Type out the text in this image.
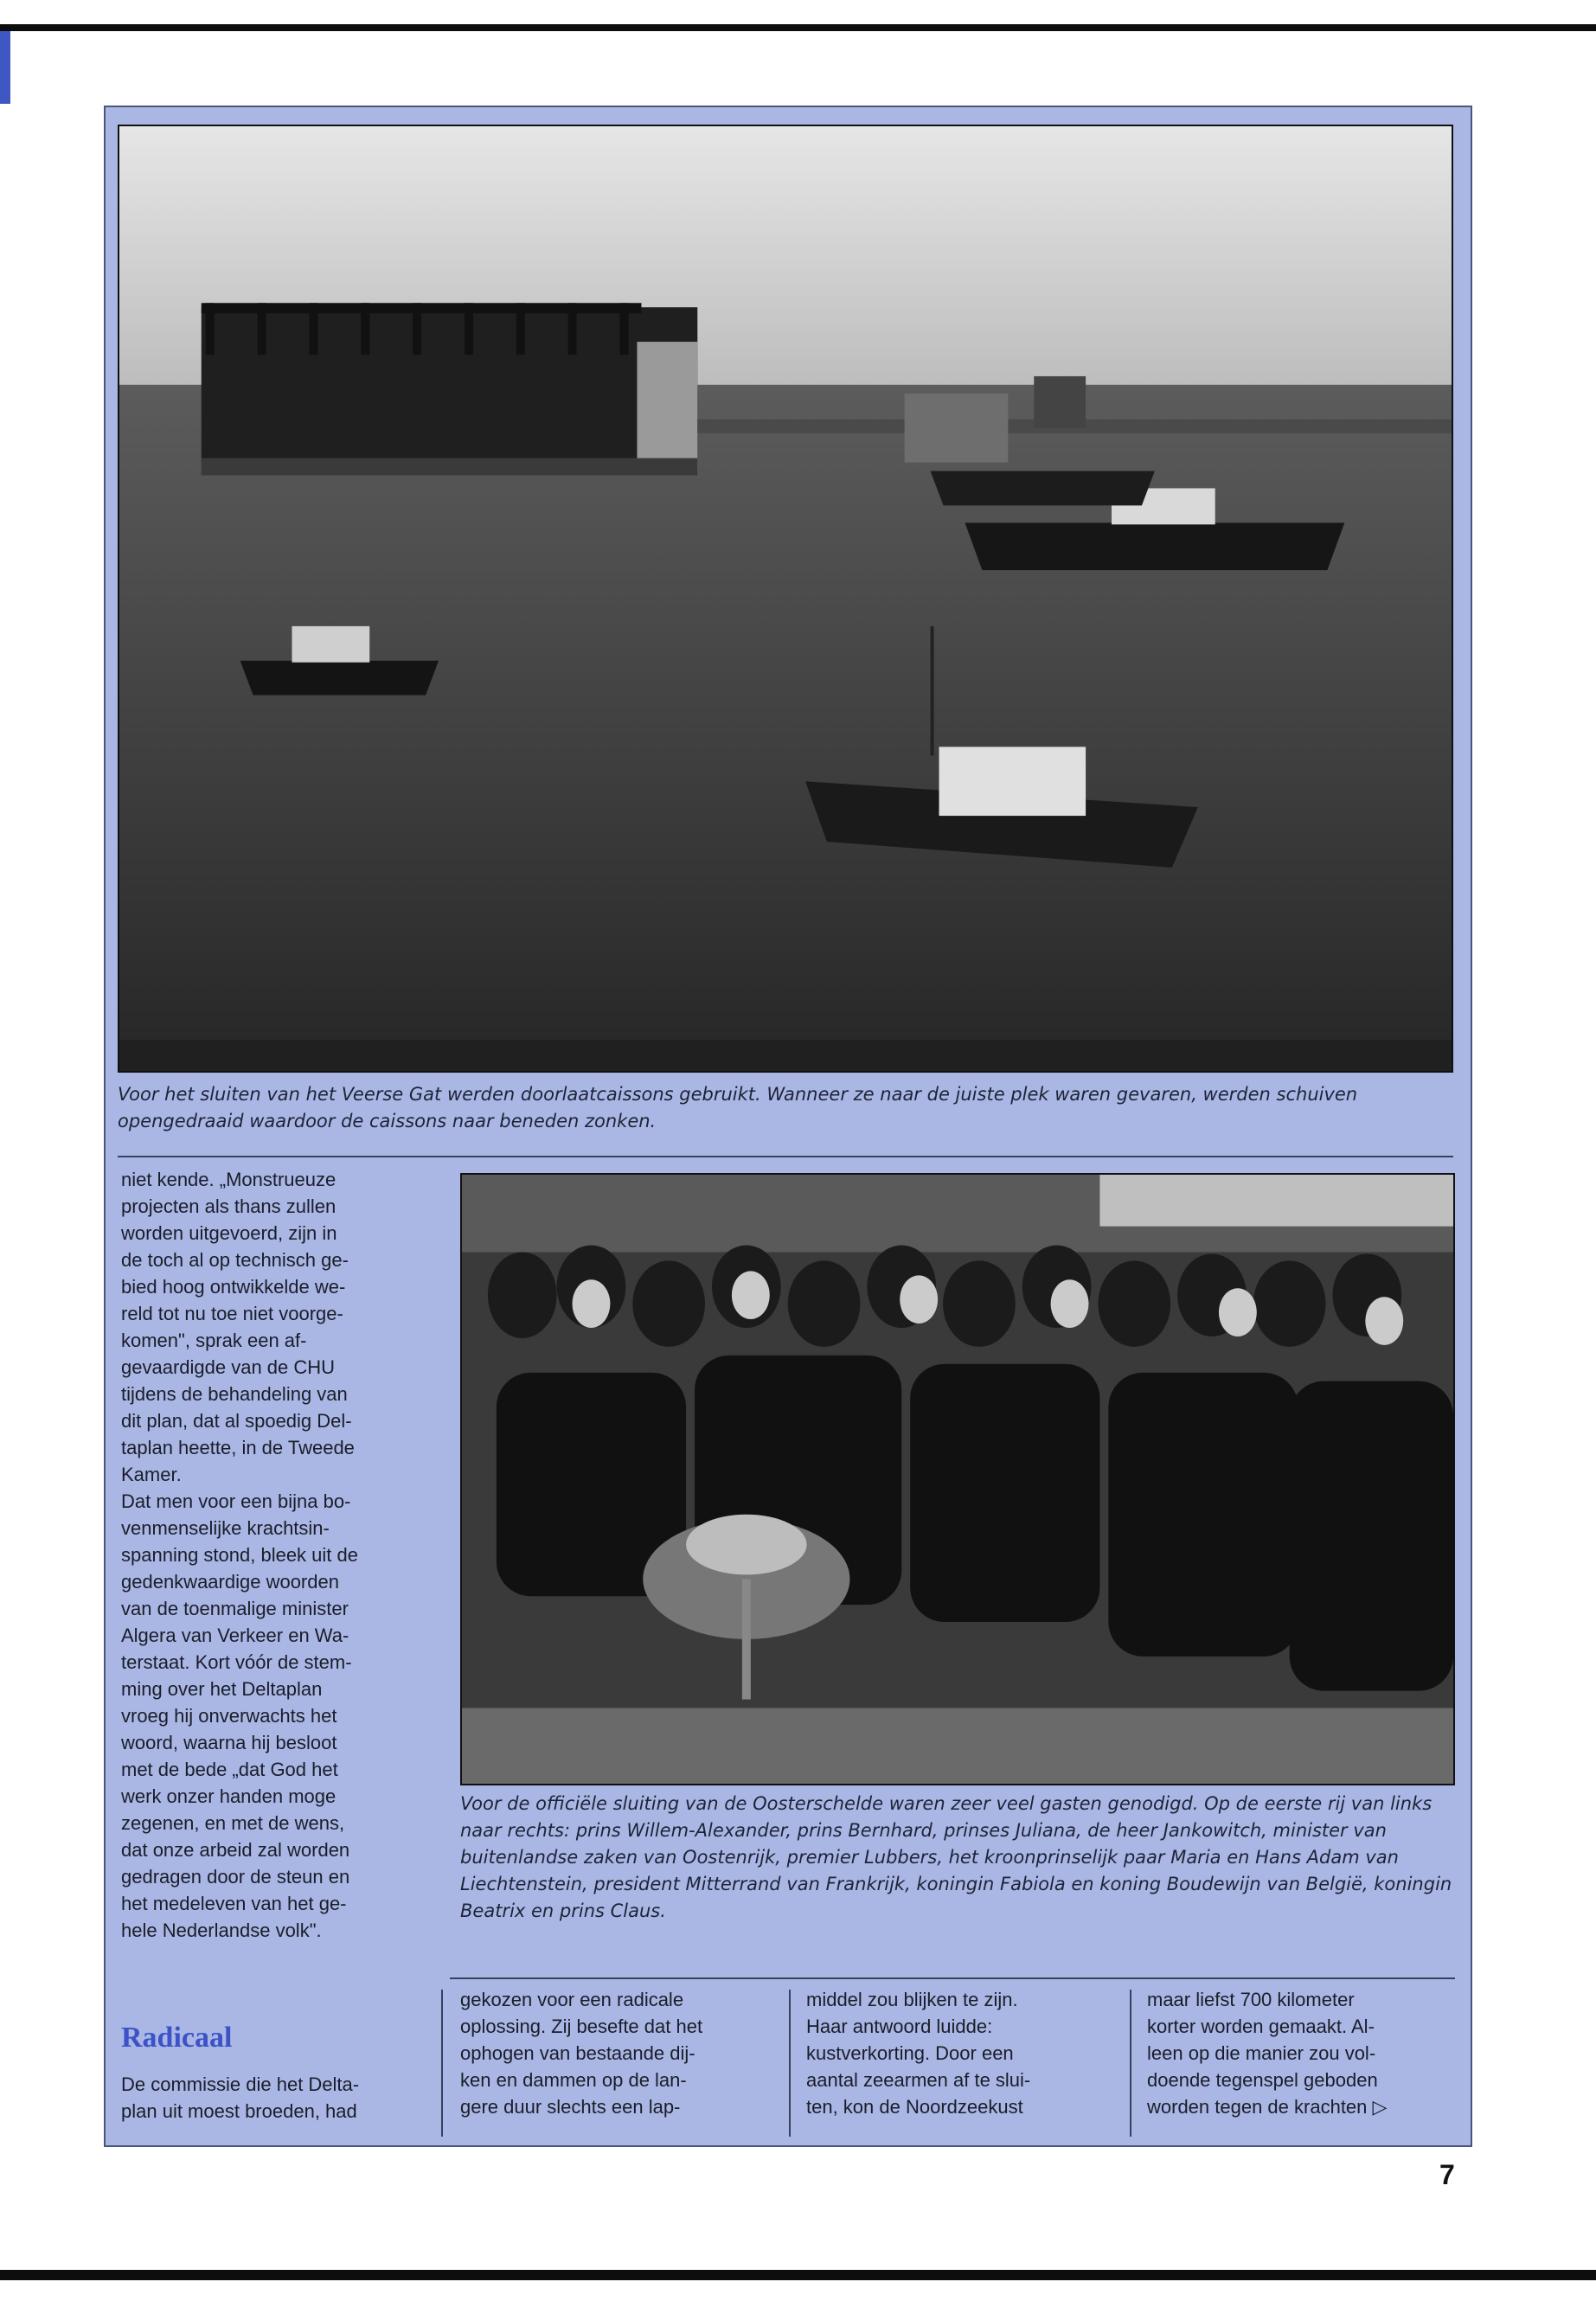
Voor het sluiten van het Veerse Gat werden doorlaatcaissons gebruikt. Wanneer ze naar de juiste plek waren gevaren, werden schuiven opengedraaid waardoor de caissons naar beneden zonken.

niet kende. „Monstrueuze
projecten als thans zullen
worden uitgevoerd, zijn in
de toch al op technisch ge-
bied hoog ontwikkelde we-
reld tot nu toe niet voorge-
komen", sprak een af-
gevaardigde van de CHU
tijdens de behandeling van
dit plan, dat al spoedig Del-
taplan heette, in de Tweede
Kamer.
Dat men voor een bijna bo-
venmenselijke krachtsin-
spanning stond, bleek uit de
gedenkwaardige woorden
van de toenmalige minister
Algera van Verkeer en Wa-
terstaat. Kort vóór de stem-
ming over het Deltaplan
vroeg hij onverwachts het
woord, waarna hij besloot
met de bede „dat God het
werk onzer handen moge
zegenen, en met de wens,
dat onze arbeid zal worden
gedragen door de steun en
het medeleven van het ge-
hele Nederlandse volk".

Radicaal

De commissie die het Delta-
plan uit moest broeden, had

Voor de officiële sluiting van de Oosterschelde waren zeer veel gasten genodigd. Op de eerste rij van links naar rechts: prins Willem-Alexander, prins Bernhard, prinses Juliana, de heer Jankowitch, minister van buitenlandse zaken van Oostenrijk, premier Lubbers, het kroonprinselijk paar Maria en Hans Adam van Liechtenstein, president Mitterrand van Frankrijk, koningin Fabiola en koning Boudewijn van België, koningin Beatrix en prins Claus.

gekozen voor een radicale
oplossing. Zij besefte dat het
ophogen van bestaande dij-
ken en dammen op de lan-
gere duur slechts een lap-

middel zou blijken te zijn.
Haar antwoord luidde:
kustverkorting. Door een
aantal zeearmen af te slui-
ten, kon de Noordzeekust

maar liefst 700 kilometer
korter worden gemaakt. Al-
leen op die manier zou vol-
doende tegenspel geboden
worden tegen de krachten ▷

7
